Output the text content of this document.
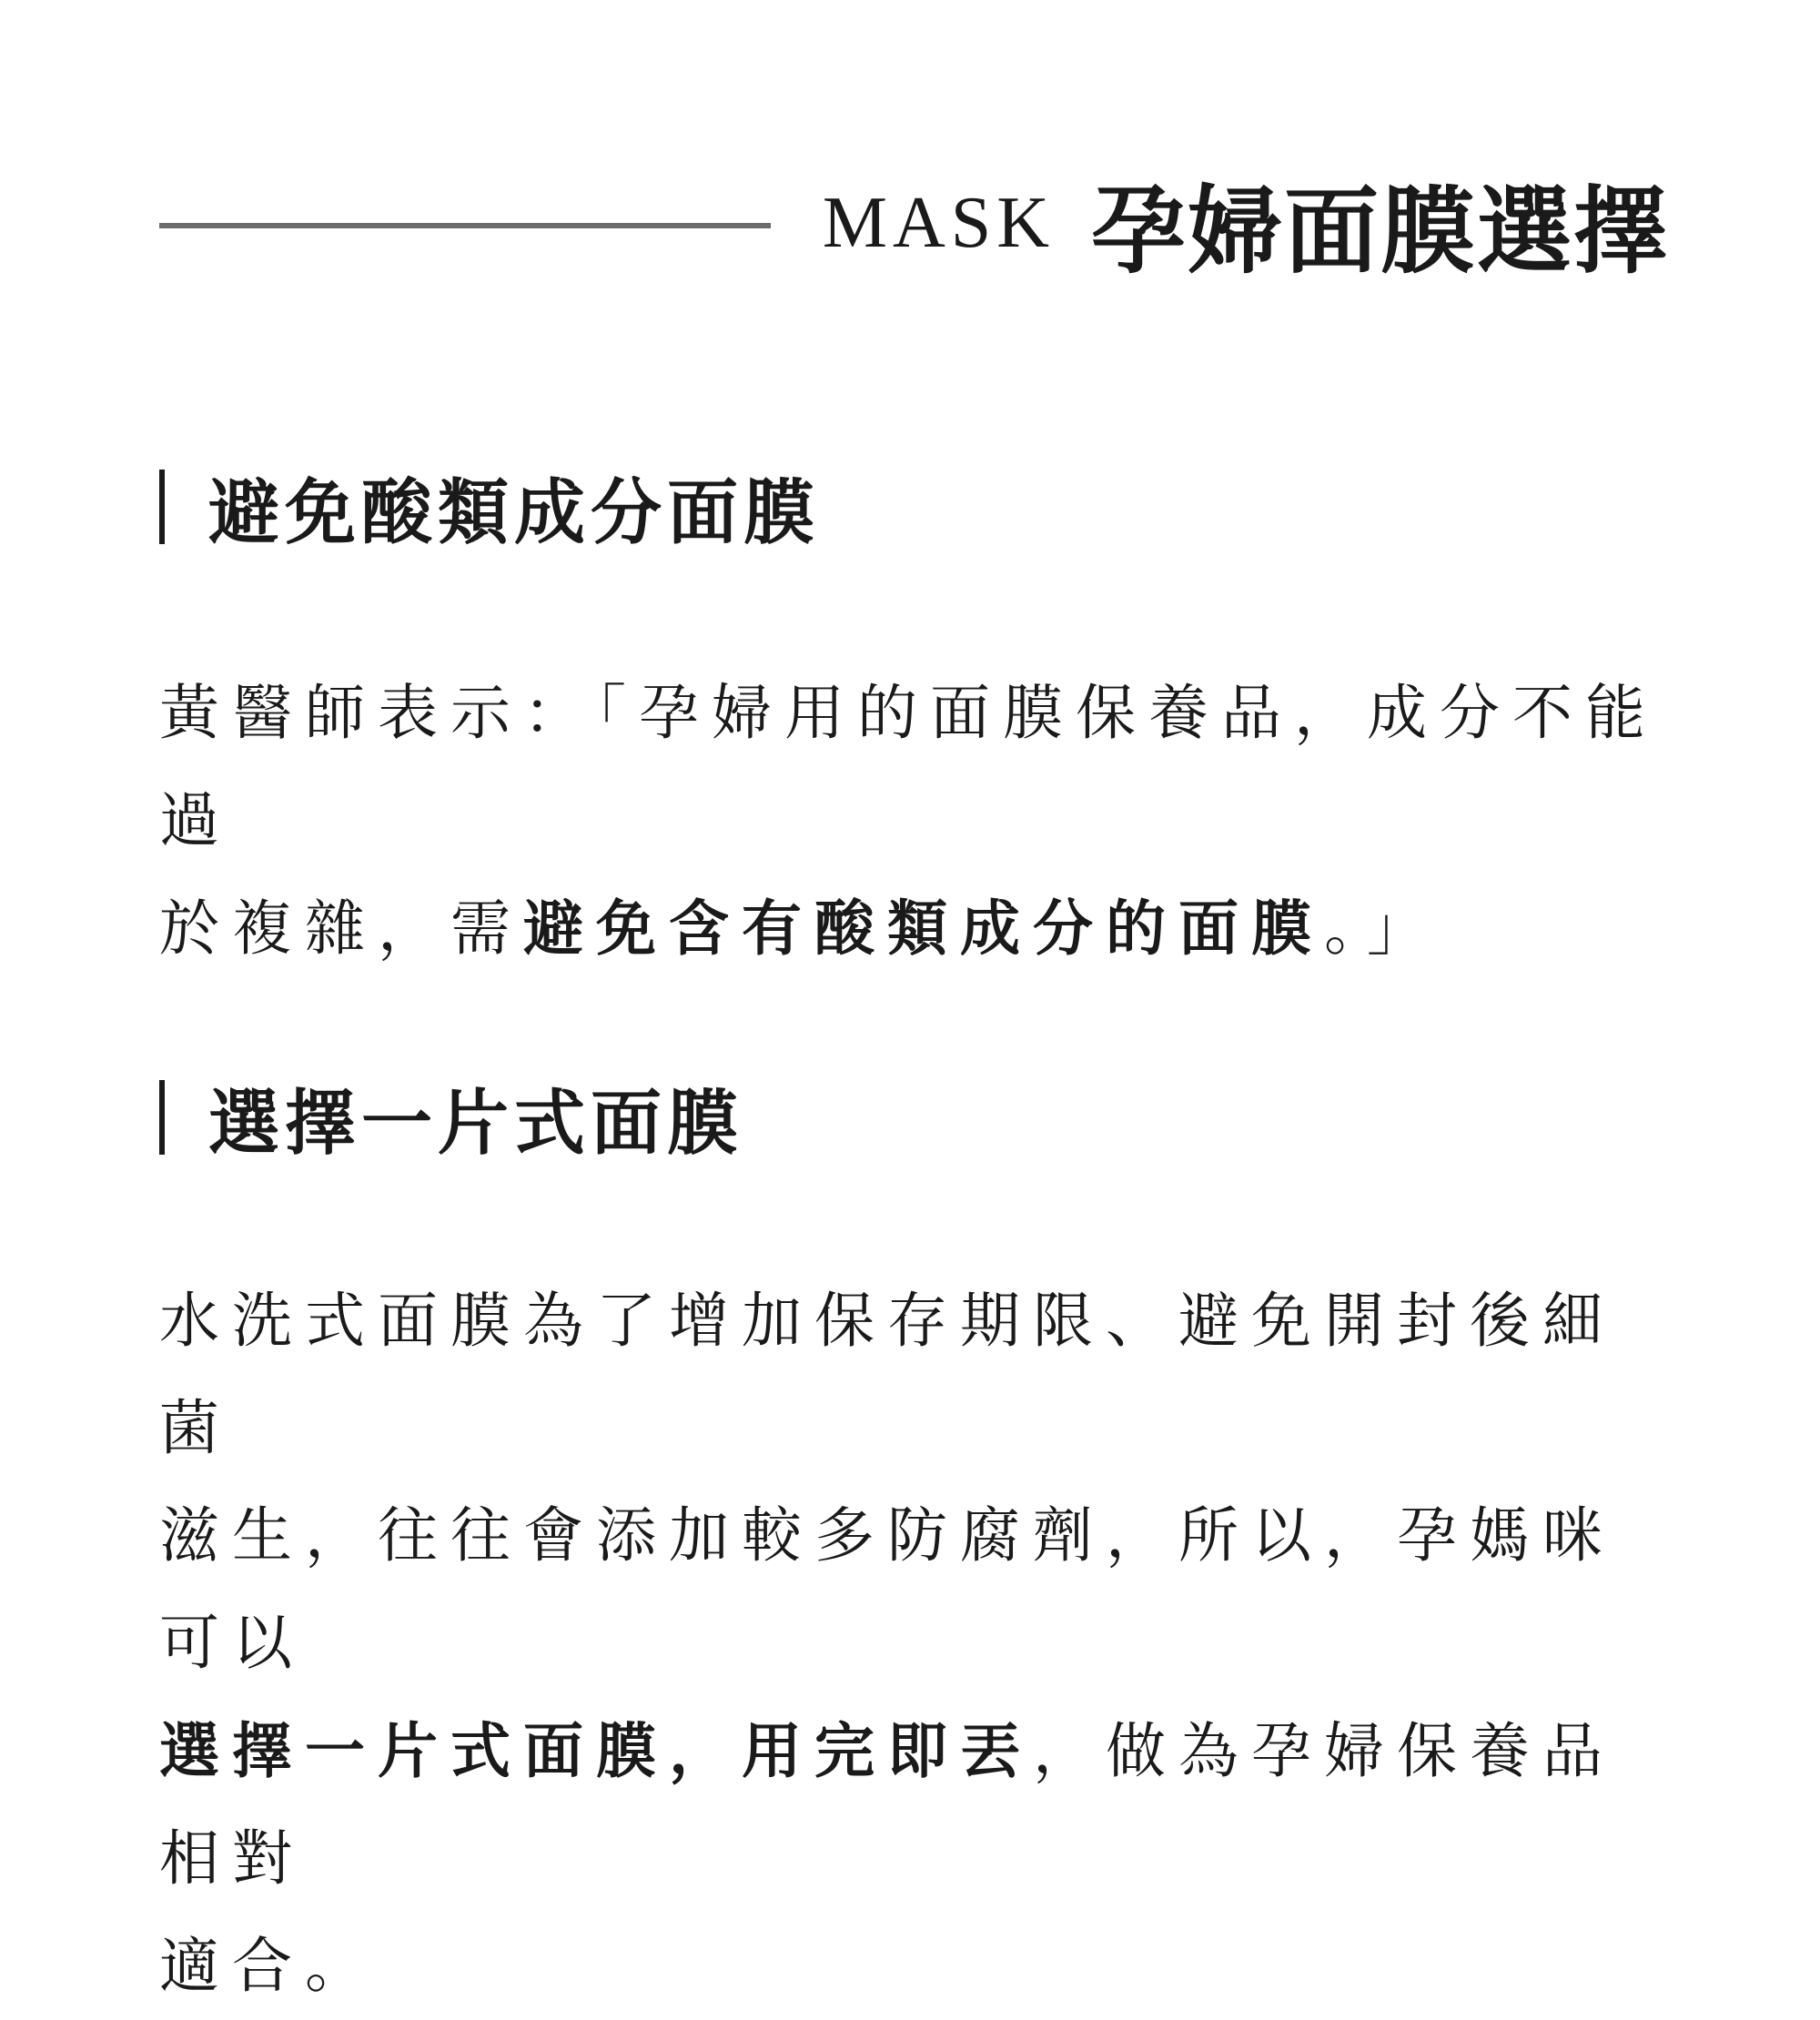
MASK 孕婦面膜選擇
避免酸類成分面膜

黃醫師表示：「孕婦用的面膜保養品，成分不能過
於複雜，需避免含有酸類成分的面膜。」

選擇一片式面膜

水洗式面膜為了增加保存期限、避免開封後細菌
滋生，往往會添加較多防腐劑，所以，孕媽咪可以
選擇一片式面膜，用完即丟，做為孕婦保養品相對
適合。
